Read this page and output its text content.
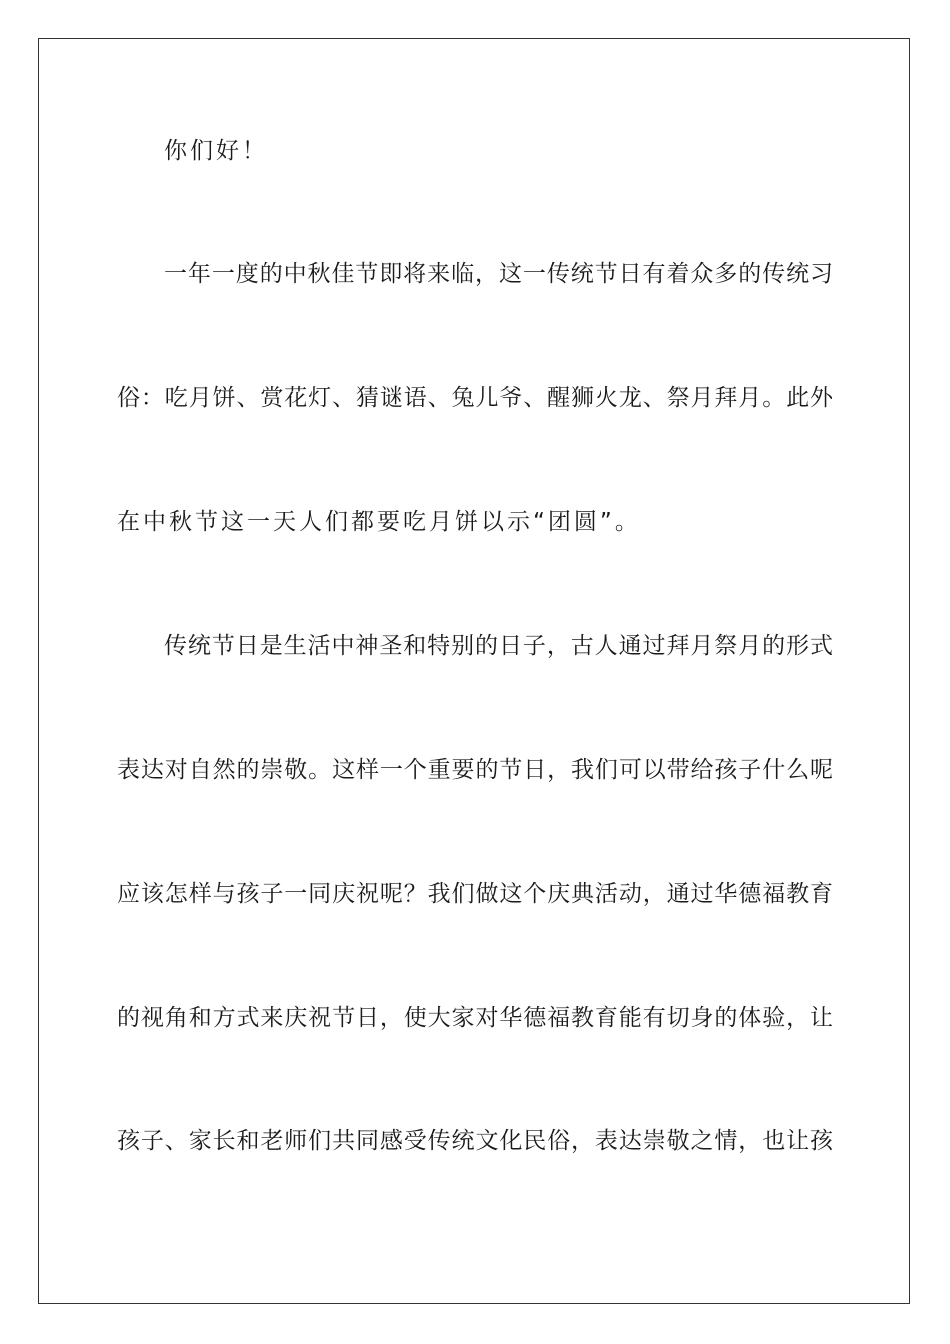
你们好！
一年一度的中秋佳节即将来临，这一传统节日有着众多的传统习
俗：吃月饼、赏花灯、猜谜语、兔儿爷、醒狮火龙、祭月拜月。此外
在中秋节这一天人们都要吃月饼以示“团圆”。
传统节日是生活中神圣和特别的日子，古人通过拜月祭月的形式
表达对自然的崇敬。这样一个重要的节日，我们可以带给孩子什么呢
应该怎样与孩子一同庆祝呢？我们做这个庆典活动，通过华德福教育
的视角和方式来庆祝节日，使大家对华德福教育能有切身的体验，让
孩子、家长和老师们共同感受传统文化民俗，表达崇敬之情，也让孩
